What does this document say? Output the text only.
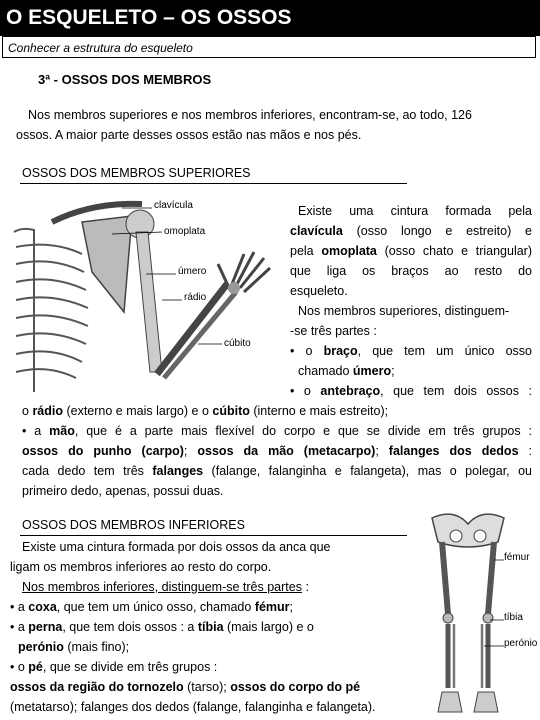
O ESQUELETO – OS OSSOS
Conhecer a estrutura do esqueleto
3ª - OSSOS DOS MEMBROS
Nos membros superiores e nos membros inferiores, encontram-se, ao todo, 126
ossos. A maior parte desses ossos estão nas mãos e nos pés.
OSSOS DOS MEMBROS SUPERIORES
clavícula
omoplata
úmero
rádio
cúbito
Existe uma cintura formada pela
clavícula (osso longo e estreito) e
pela omoplata (osso chato e triangular)
que liga os braços ao resto do
esqueleto.
Nos membros superiores, distinguem-
-se três partes :
• o braço, que tem um único osso
chamado úmero;
• o antebraço, que tem dois ossos :
o rádio (externo e mais largo) e o cúbito (interno e mais estreito);
• a mão, que é a parte mais flexível do corpo e que se divide em três grupos :
ossos do punho (carpo); ossos da mão (metacarpo); falanges dos dedos :
cada dedo tem três falanges (falange, falanginha e falangeta), mas o polegar, ou
primeiro dedo, apenas, possui duas.
OSSOS DOS MEMBROS INFERIORES
fémur
tíbia
perónio
Existe uma cintura formada por dois ossos da anca que
ligam os membros inferiores ao resto do corpo.
Nos membros inferiores, distinguem-se três partes :
• a coxa, que tem um único osso, chamado fémur;
• a perna, que tem dois ossos : a tíbia (mais largo) e o
perónio (mais fino);
• o pé, que se divide em três grupos :
ossos da região do tornozelo (tarso); ossos do corpo do pé
(metatarso); falanges dos dedos (falange, falanginha e falangeta).
